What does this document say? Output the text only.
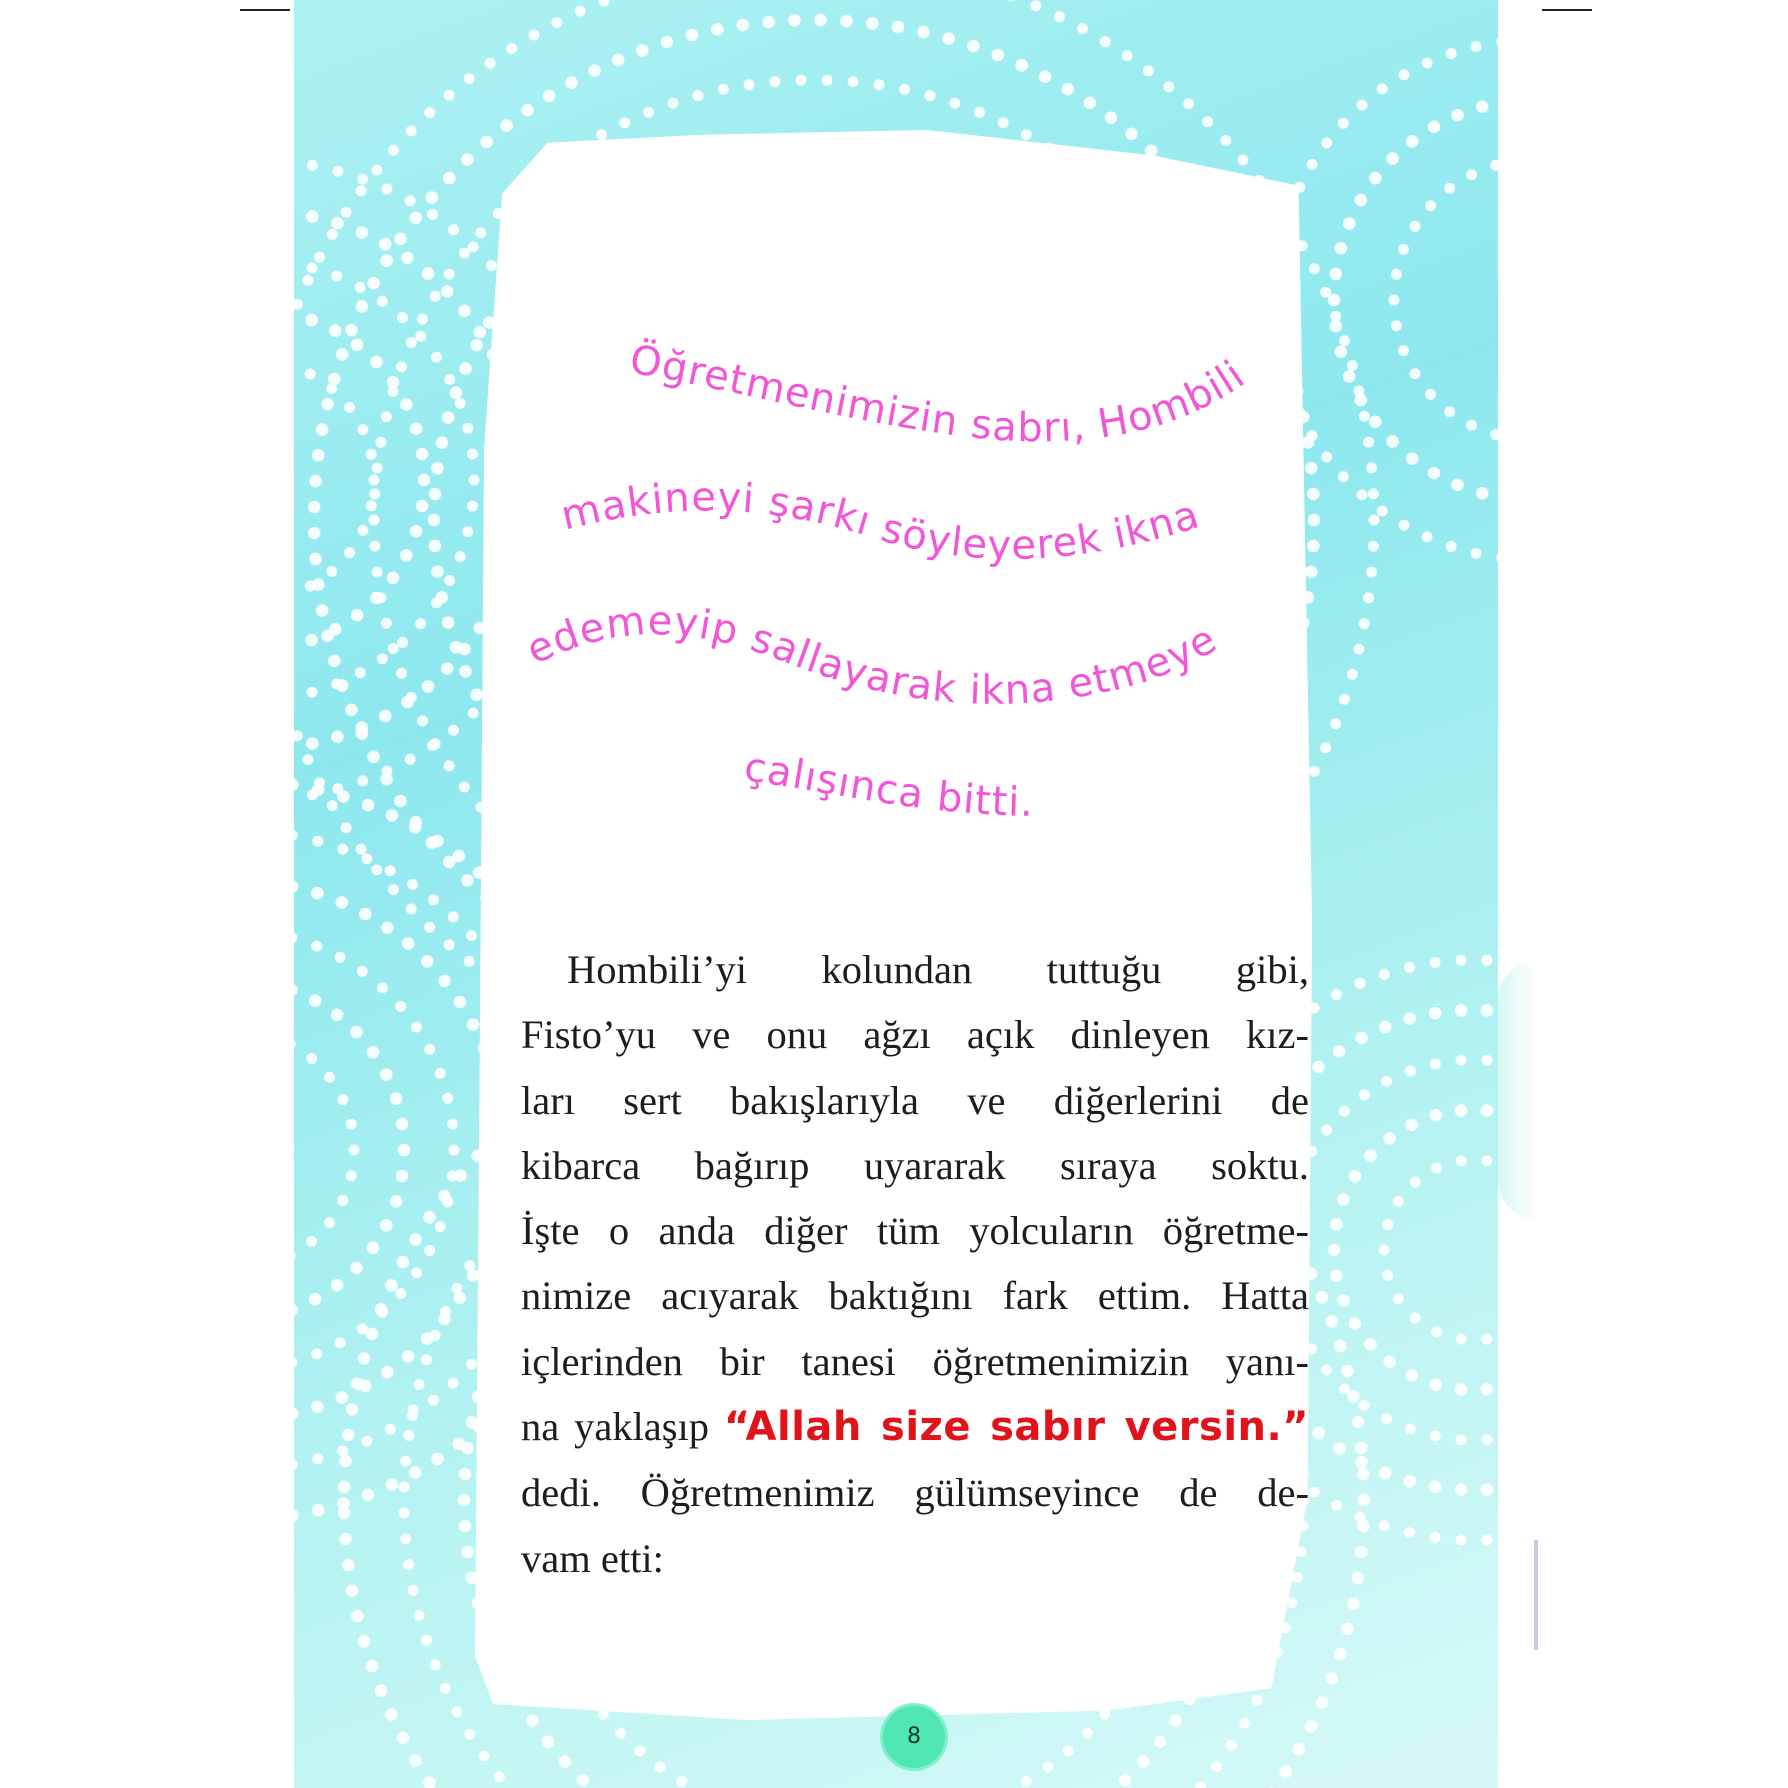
Öğretmenimizin sabrı, Hombili
makineyi şarkı söyleyerek ikna
edemeyip sallayarak ikna etmeye
çalışınca bitti.
Hombili’yi kolundan tuttuğu gibi,
Fisto’yu ve onu ağzı açık dinleyen kız-
ları sert bakışlarıyla ve diğerlerini de
kibarca bağırıp uyararak sıraya soktu.
İşte o anda diğer tüm yolcuların öğretme-
nimize acıyarak baktığını fark ettim. Hatta
içlerinden bir tanesi öğretmenimizin yanı-
na yaklaşıp “Allah size sabır versin.”
dedi. Öğretmenimiz gülümseyince de de-
vam etti:
8
